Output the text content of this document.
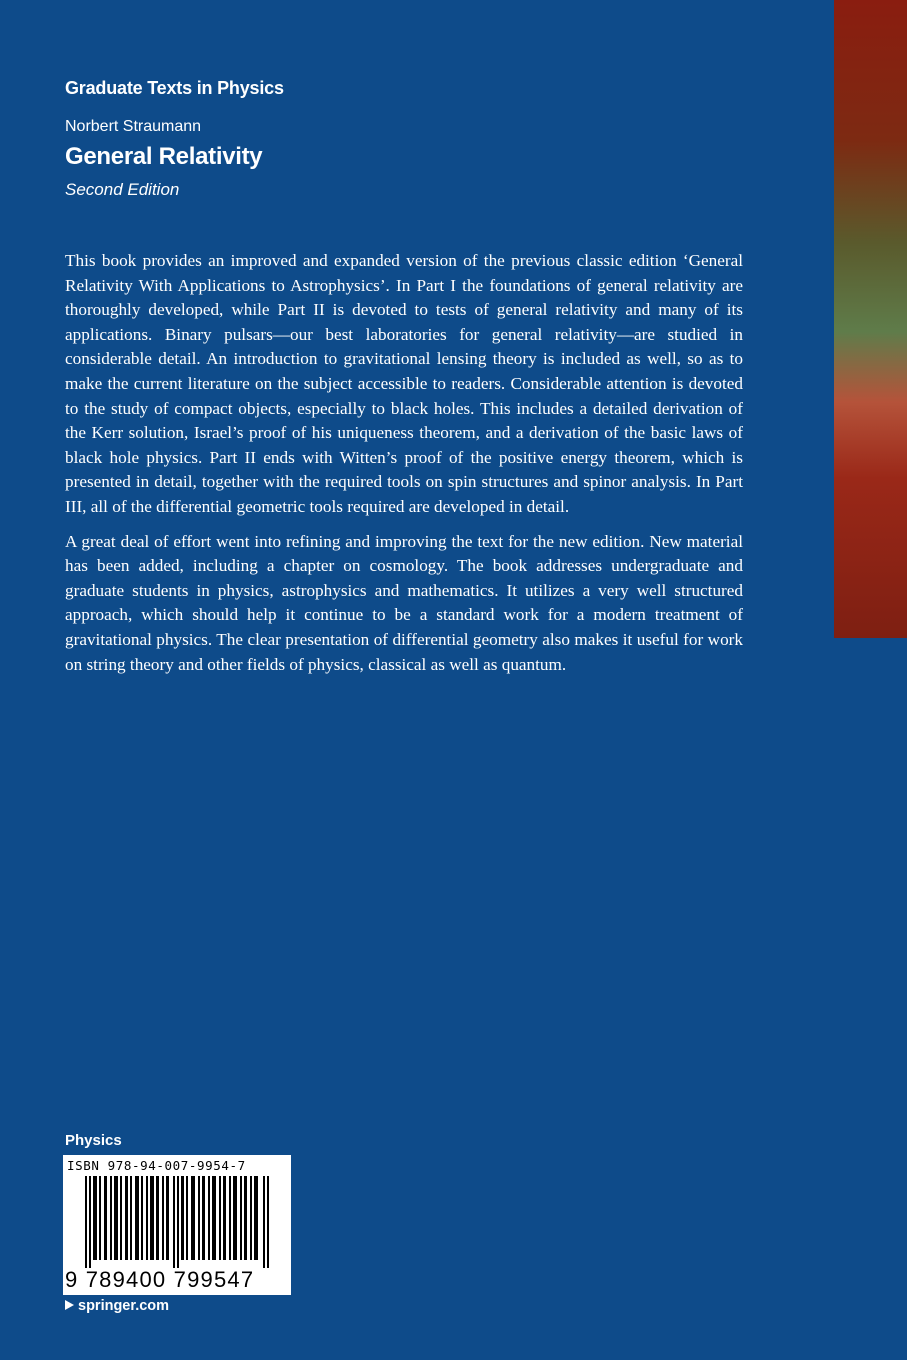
Graduate Texts in Physics
Norbert Straumann
General Relativity
Second Edition

This book provides an improved and expanded version of the previous classic edition ‘General Relativity With Applications to Astrophysics’. In Part I the foundations of general relativity are thoroughly developed, while Part II is devoted to tests of general relativity and many of its applications. Binary pulsars—our best laboratories for general relativity—are studied in considerable detail. An introduction to gravitational lensing theory is included as well, so as to make the current literature on the subject accessible to readers. Considerable attention is devoted to the study of compact objects, especially to black holes. This includes a detailed derivation of the Kerr solution, Israel’s proof of his uniqueness theorem, and a derivation of the basic laws of black hole physics. Part II ends with Witten’s proof of the positive energy theorem, which is presented in detail, together with the required tools on spin structures and spinor analysis. In Part III, all of the differential geometric tools required are developed in detail.

A great deal of effort went into refining and improving the text for the new edition. New material has been added, including a chapter on cosmology. The book addresses undergraduate and graduate students in physics, astrophysics and mathematics. It utilizes a very well structured approach, which should help it continue to be a standard work for a modern treatment of gravitational physics. The clear presentation of differential geometry also makes it useful for work on string theory and other fields of physics, classical as well as quantum.

Physics
ISBN 978-94-007-9954-7
9 789400 799547
springer.com
